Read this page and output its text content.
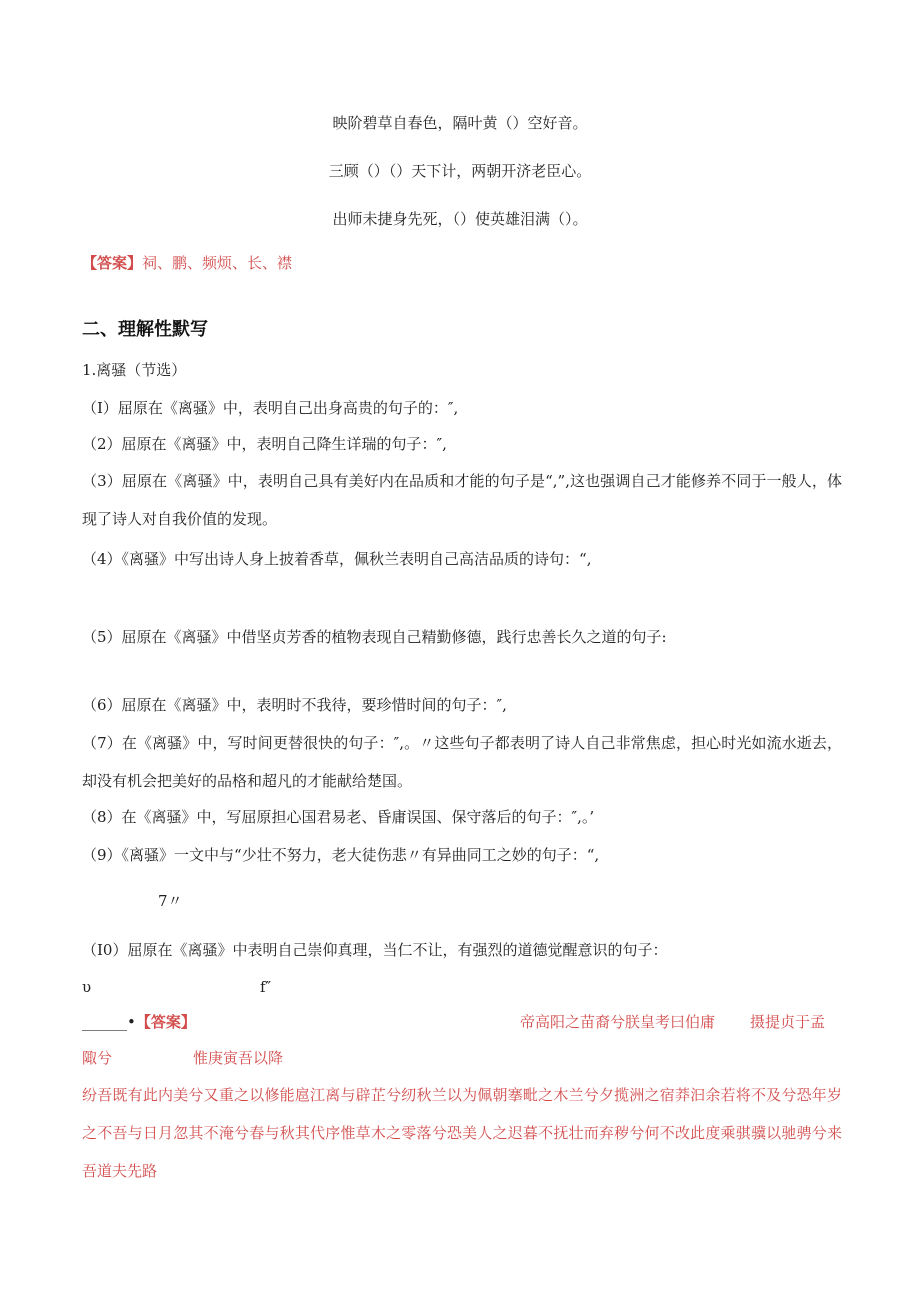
映阶碧草自春色，隔叶黄（）空好音。
三顾（）（）天下计，两朝开济老臣心。
出师未捷身先死，（）使英雄泪满（）。
【答案】祠、鹏、频烦、长、襟
二、理解性默写
1.离骚（节选）
（I）屈原在《离骚》中，表明自己出身高贵的句子的：″,
（2）屈原在《离骚》中，表明自己降生详瑞的句子：″,
（3）屈原在《离骚》中，表明自己具有美好内在品质和才能的句子是“,”,这也强调自己才能修养不同于一般人，体现了诗人对自我价值的发现。
（4）《离骚》中写出诗人身上披着香草，佩秋兰表明自己高洁品质的诗句：“,
（5）屈原在《离骚》中借坚贞芳香的植物表现自己精勤修德，践行忠善长久之道的句子:
（6）屈原在《离骚》中，表明时不我待，要珍惜时间的句子：″,
（7）在《离骚》中，写时间更替很快的句子：″,。〃这些句子都表明了诗人自己非常焦虑，担心时光如流水逝去，却没有机会把美好的品格和超凡的才能献给楚国。
（8）在《离骚》中，写屈原担心国君易老、昏庸误国、保守落后的句子：″,。’
（9）《离骚》一文中与“少壮不努力，老大徒伤悲〃有异曲同工之妙的句子：“,
7〃
（I0）屈原在《离骚》中表明自己崇仰真理，当仁不让，有强烈的道德觉醒意识的句子：
υ	f″
______•【答案】	帝高阳之苗裔兮朕皇考曰伯庸 摄提贞于孟
陬兮	惟庚寅吾以降
纷吾既有此内美兮又重之以修能扈江离与辟芷兮纫秋兰以为佩朝搴毗之木兰兮夕揽洲之宿莽汩余若将不及兮恐年岁之不吾与日月忽其不淹兮春与秋其代序惟草木之零落兮恐美人之迟暮不抚壮而弃秽兮何不改此度乘骐骥以驰骋兮来吾道夫先路
